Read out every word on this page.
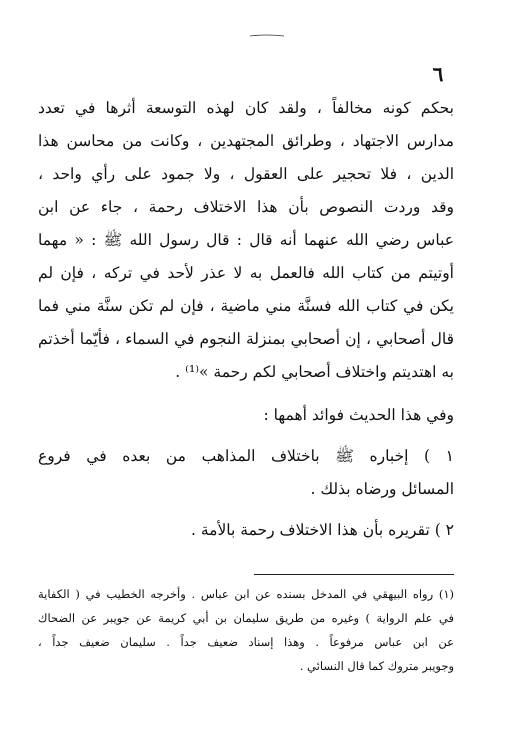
٦

بحكم كونه مخالفاً ، ولقد كان لهذه التوسعة أثرها في تعدد
مدارس الاجتهاد ، وطرائق المجتهدين ، وكانت من محاسن هذا
الدين ، فلا تحجير على العقول ، ولا جمود على رأي واحد ،
وقد وردت النصوص بأن هذا الاختلاف رحمة ، جاء عن ابن
عباس رضي الله عنهما أنه قال : قال رسول الله ﷺ : « مهما
أوتيتم من كتاب الله فالعمل به لا عذر لأحد في تركه ، فإن لم
يكن في كتاب الله فسنَّة مني ماضية ، فإن لم تكن سنَّة مني فما
قال أصحابي ، إن أصحابي بمنزلة النجوم في السماء ، فأيّما أخذتم
به اهتديتم واختلاف أصحابي لكم رحمة »⁽¹⁾ .

وفي هذا الحديث فوائد أهمها :

١ ) إخباره ﷺ باختلاف المذاهب من بعده في فروع
المسائل ورضاه بذلك .

٢ ) تقريره بأن هذا الاختلاف رحمة بالأمة .

(١) رواه البيهقي في المدخل بسنده عن ابن عباس . وأخرجه الخطيب في ( الكفاية
في علم الرواية ) وغيره من طريق سليمان بن أبي كريمة عن جويبر عن الضحاك
عن ابن عباس مرفوعاً . وهذا إسناد ضعيف جداً . سليمان ضعيف جداً ،
وجويبر متروك كما قال النسائي .
